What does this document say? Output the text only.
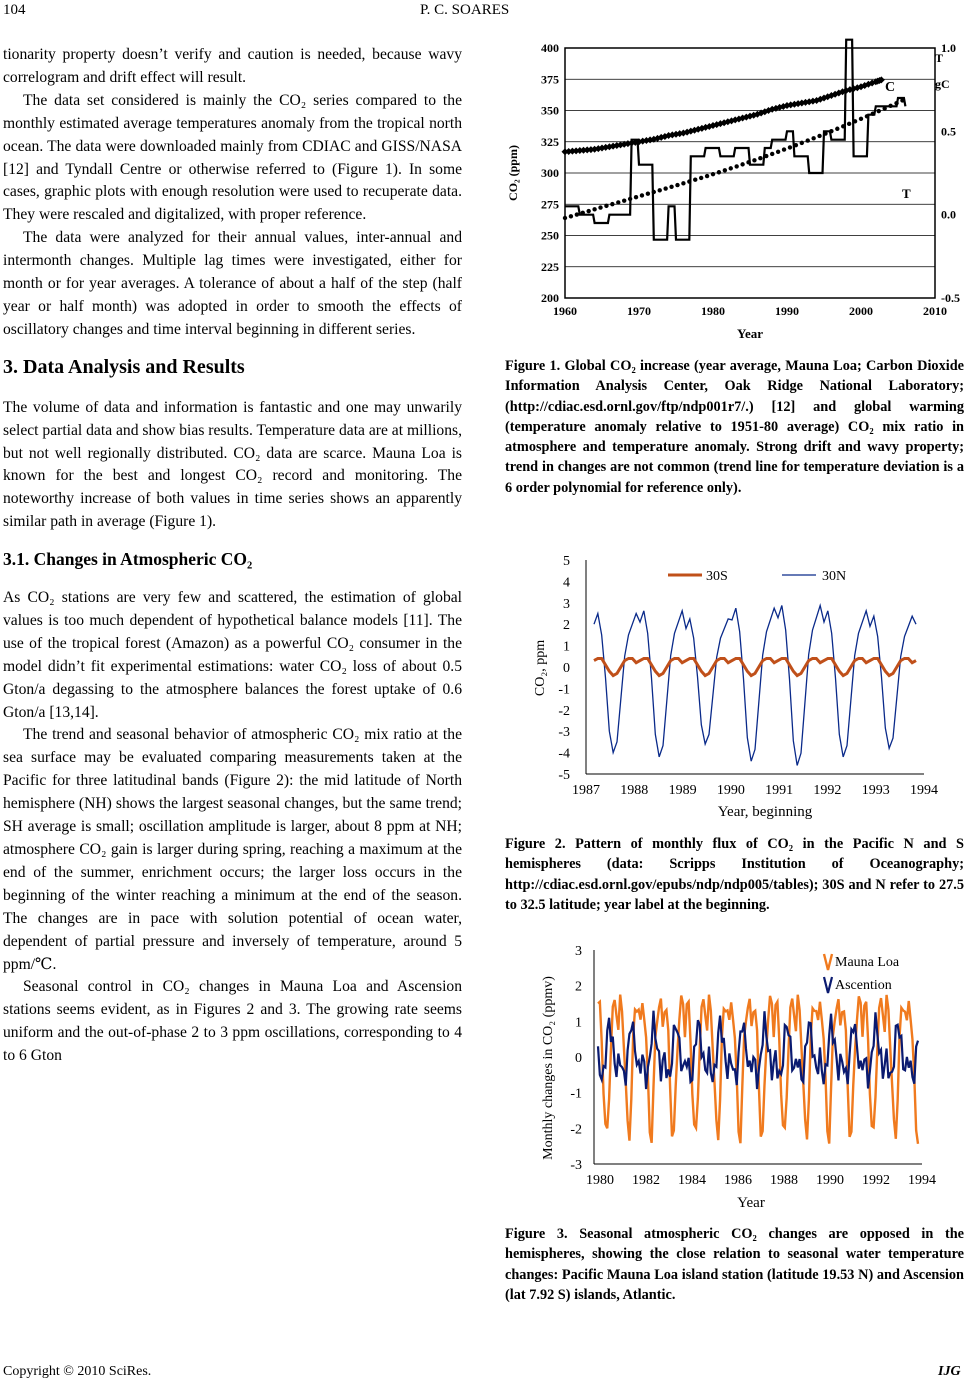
104	P. C. SOARES

tionarity property doesn’t verify and caution is needed, because wavy correlogram and drift effect will result.

The data set considered is mainly the CO₂ series compared to the monthly estimated average temperatures anomaly from the tropical north ocean. The data were downloaded mainly from CDIAC and GISS/NASA [12] and Tyndall Centre or otherwise referred to (Figure 1). In some cases, graphic plots with enough resolution were used to recuperate data. They were rescaled and digitalized, with proper reference.

The data were analyzed for their annual values, inter-annual and intermonth changes. Multiple lag times were investigated, either for month or for year averages. A tolerance of about a half of the step (half year or half month) was adopted in order to smooth the effects of oscillatory changes and time interval beginning in different series.

3. Data Analysis and Results

The volume of data and information is fantastic and one may unwarily select partial data and show bias results. Temperature data are at millions, but not well regionally distributed. CO₂ data are scarce. Mauna Loa is known for the best and longest CO₂ record and monitoring. The noteworthy increase of both values in time series shows an apparently similar path in average (Figure 1).

3.1. Changes in Atmospheric CO₂

As CO₂ stations are very few and scattered, the estimation of global values is too much dependent of hypothetical balance models [11]. The use of the tropical forest (Amazon) as a powerful CO₂ consumer in the model didn’t fit experimental estimations: water CO₂ loss of about 0.5 Gton/a degassing to the atmosphere balances the forest uptake of 0.6 Gton/a [13,14].

The trend and seasonal behavior of atmospheric CO₂ mix ratio at the sea surface may be evaluated comparing measurements taken at the Pacific for three latitudinal bands (Figure 2): the mid latitude of North hemisphere (NH) shows the largest seasonal changes, but the same trend; SH average is small; oscillation amplitude is larger, about 8 ppm at NH; atmosphere CO₂ gain is larger during spring, reaching a maximum at the end of the summer, enrichment occurs; the larger loss occurs in the beginning of the winter reaching a minimum at the end of the season. The changes are in pace with solution potential of ocean water, dependent of partial pressure and inversely of temperature, around 5 ppm/℃.

Seasonal control in CO₂ changes in Mauna Loa and Ascension stations seems evident, as in Figures 2 and 3. The growing rate seems uniform and the out-of-phase 2 to 3 ppm oscillations, corresponding to 4 to 6 Gton

200
225
250
275
300
325
350
375
400
-0.5
0.0
0.5
1.0
1960	1970	1980	1990	2000	2010
Year
CO₂ (ppm)
T
gC
C
T

Figure 1. Global CO₂ increase (year average, Mauna Loa; Carbon Dioxide Information Analysis Center, Oak Ridge National Laboratory; (http://cdiac.esd.ornl.gov/ftp/ndp001r7/.) [12] and global warming (temperature anomaly relative to 1951-80 average) CO₂ mix ratio in atmosphere and temperature anomaly. Strong drift and wavy property; trend in changes are not common (trend line for temperature deviation is a 6 order polynomial for reference only).

-5
-4
-3
-2
-1
0
1
2
3
4
5
1987 1988 1989 1990 1991 1992 1993 1994
30S	30N
Year, beginning
CO₂, ppm

Figure 2. Pattern of monthly flux of CO₂ in the Pacific N and S hemispheres (data: Scripps Institution of Oceanography; http://cdiac.esd.ornl.gov/epubs/ndp/ndp005/tables); 30S and N refer to 27.5 to 32.5 latitude; year label at the beginning.

-3
-2
-1
0
1
2
3
1980 1982 1984 1986 1988 1990 1992 1994
Mauna Loa
Ascention
Year
Monthly changes in CO₂ (ppmv)

Figure 3. Seasonal atmospheric CO₂ changes are opposed in the hemispheres, showing the close relation to seasonal water temperature changes: Pacific Mauna Loa island station (latitude 19.53 N) and Ascension (lat 7.92 S) islands, Atlantic.

Copyright © 2010 SciRes.	IJG
